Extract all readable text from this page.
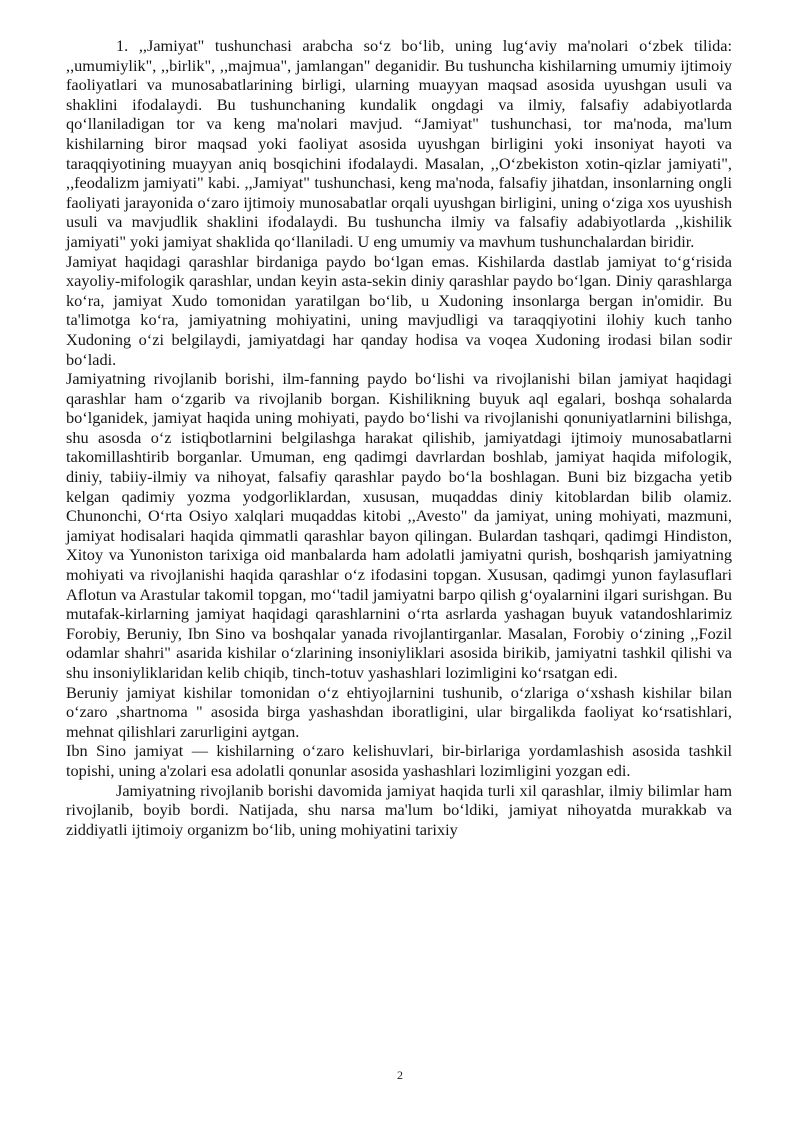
1. ,,Jamiyat" tushunchasi arabcha so‘z bo‘lib, uning lug‘aviy ma'nolari o‘zbek tilida: ,,umumiylik", ,,birlik", ,,majmua", jamlangan" deganidir. Bu tushuncha kishilarning umumiy ijtimoiy faoliyatlari va munosabatlarining birligi, ularning muayyan maqsad asosida uyushgan usuli va shaklini ifodalaydi. Bu tushunchaning kundalik ongdagi va ilmiy, falsafiy adabiyotlarda qo‘llaniladigan tor va keng ma'nolari mavjud. “Jamiyat" tushunchasi, tor ma'noda, ma'lum kishilarning biror maqsad yoki faoliyat asosida uyushgan birligini yoki insoniyat hayoti va taraqqiyotining muayyan aniq bosqichini ifodalaydi. Masalan, ,,O‘zbekiston xotin-qizlar jamiyati", ,,feodalizm jamiyati" kabi. ,,Jamiyat" tushunchasi, keng ma'noda, falsafiy jihatdan, insonlarning ongli faoliyati jarayonida o‘zaro ijtimoiy munosabatlar orqali uyushgan birligini, uning o‘ziga xos uyushish usuli va mavjudlik shaklini ifodalaydi. Bu tushuncha ilmiy va falsafiy adabiyotlarda ,,kishilik jamiyati" yoki jamiyat shaklida qo‘llaniladi. U eng umumiy va mavhum tushunchalardan biridir.

Jamiyat haqidagi qarashlar birdaniga paydo bo‘lgan emas. Kishilarda dastlab jamiyat to‘g‘risida xayoliy-mifologik qarashlar, undan keyin asta-sekin diniy qarashlar paydo bo‘lgan. Diniy qarashlarga ko‘ra, jamiyat Xudo tomonidan yaratilgan bo‘lib, u Xudoning insonlarga bergan in'omidir. Bu ta'limotga ko‘ra, jamiyatning mohiyatini, uning mavjudligi va taraqqiyotini ilohiy kuch tanho Xudoning o‘zi belgilaydi, jamiyatdagi har qanday hodisa va voqea Xudoning irodasi bilan sodir bo‘ladi.

Jamiyatning rivojlanib borishi, ilm-fanning paydo bo‘lishi va rivojlanishi bilan jamiyat haqidagi qarashlar ham o‘zgarib va rivojlanib borgan. Kishilikning buyuk aql egalari, boshqa sohalarda bo‘lganidek, jamiyat haqida uning mohiyati, paydo bo‘lishi va rivojlanishi qonuniyatlarnini bilishga, shu asosda o‘z istiqbotlarnini belgilashga harakat qilishib, jamiyatdagi ijtimoiy munosabatlarni takomillashtirib borganlar. Umuman, eng qadimgi davrlardan boshlab, jamiyat haqida mifologik, diniy, tabiiy-ilmiy va nihoyat, falsafiy qarashlar paydo bo‘la boshlagan. Buni biz bizgacha yetib kelgan qadimiy yozma yodgorliklardan, xususan, muqaddas diniy kitoblardan bilib olamiz. Chunonchi, O‘rta Osiyo xalqlari muqaddas kitobi ,,Avesto" da jamiyat, uning mohiyati, mazmuni, jamiyat hodisalari haqida qimmatli qarashlar bayon qilingan. Bulardan tashqari, qadimgi Hindiston, Xitoy va Yunoniston tarixiga oid manbalarda ham adolatli jamiyatni qurish, boshqarish jamiyatning mohiyati va rivojlanishi haqida qarashlar o‘z ifodasini topgan. Xususan, qadimgi yunon faylasuflari Aflotun va Arastular takomil topgan, mo‘'tadil jamiyatni barpo qilish g‘oyalarnini ilgari surishgan. Bu mutafak-kirlarning jamiyat haqidagi qarashlarnini o‘rta asrlarda yashagan buyuk vatandoshlarimiz Forobiy, Beruniy, Ibn Sino va boshqalar yanada rivojlantirganlar. Masalan, Forobiy o‘zining ,,Fozil odamlar shahri" asarida kishilar o‘zlarining insoniyliklari asosida birikib, jamiyatni tashkil qilishi va shu insoniyliklaridan kelib chiqib, tinch-totuv yashashlari lozimligini ko‘rsatgan edi.

Beruniy jamiyat kishilar tomonidan o‘z ehtiyojlarnini tushunib, o‘zlariga o‘xshash kishilar bilan o‘zaro ,shartnoma " asosida birga yashashdan iboratligini, ular birgalikda faoliyat ko‘rsatishlari, mehnat qilishlari zarurligini aytgan.

Ibn Sino jamiyat — kishilarning o‘zaro kelishuvlari, bir-birlariga yordamlashish asosida tashkil topishi, uning a'zolari esa adolatli qonunlar asosida yashashlari lozimligini yozgan edi.

Jamiyatning rivojlanib borishi davomida jamiyat haqida turli xil qarashlar, ilmiy bilimlar ham rivojlanib, boyib bordi. Natijada, shu narsa ma'lum bo‘ldiki, jamiyat nihoyatda murakkab va ziddiyatli ijtimoiy organizm bo‘lib, uning mohiyatini tarixiy

2
